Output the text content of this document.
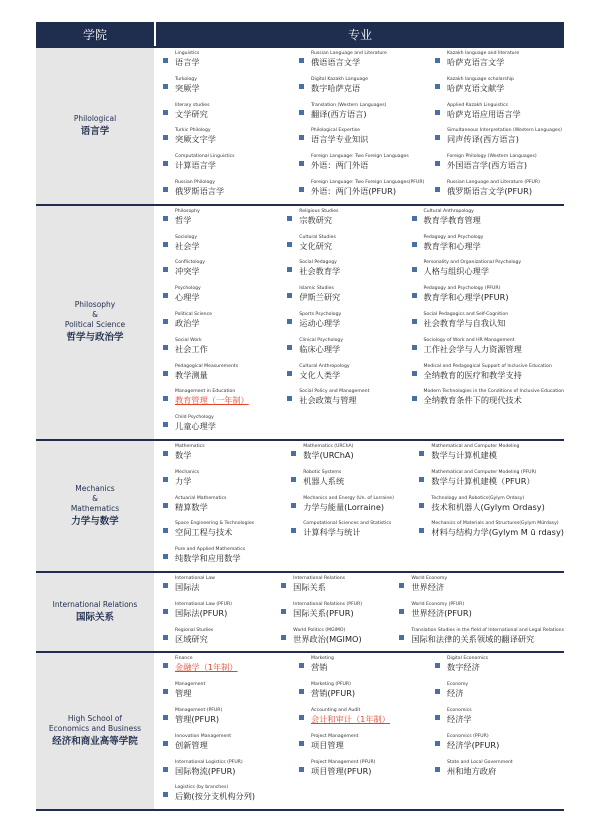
学院	专业
Philological
语言学
Linguistics
语言学
Russian Language and Literature
俄语语言文学
Kazakh language and literature
哈萨克语言文学
Turkology
突厥学
Digital Kazakh Language
数字哈萨克语
Kazakh language scholarship
哈萨克语文献学
literary studies
文学研究
Translation (Western Languages)
翻译(西方语言)
Applied Kazakh Linguistics
哈萨克语应用语言学
Turkic Philology
突厥文字学
Philological Expertise
语言学专业知识
Simultaneous Interpretation (Western Languages)
同声传译(西方语言)
Computational Linguistics
计算语言学
Foreign Language: Two Foreign Languages
外语：两门外语
Foreign Philology (Western Languages)
外国语言学(西方语言)
Russian Philology
俄罗斯语言学
Foreign Language: Two Foreign Languages(PFUR)
外语：两门外语(PFUR)
Russian Language and Literature (PFUR)
俄罗斯语言文学(PFUR)
Philosophy
&
Political Science
哲学与政治学
Philosophy
哲学
Religious Studies
宗教研究
Cultural Anthropology
教育学教育管理
Sociology
社会学
Cultural Studies
文化研究
Pedagogy and Psychology
教育学和心理学
Conflictology
冲突学
Social Pedagogy
社会教育学
Personality and Organizational Psychology
人格与组织心理学
Psychology
心理学
Islamic Studies
伊斯兰研究
Pedagogy and Psychology (PFUR)
教育学和心理学(PFUR)
Political Science
政治学
Sports Psychology
运动心理学
Social Pedagogics and Self-Cognition
社会教育学与自我认知
Social Work
社会工作
Clinical Psychology
临床心理学
Sociology of Work and HR Management
工作社会学与人力资源管理
Pedagogical Measurements
教学测量
Cultural Anthropology
文化人类学
Medical and Pedagogical Support of Inclusive Education
全纳教育的医疗和教学支持
Management in Education
教育管理（一年制）
Social Policy and Management
社会政策与管理
Modern Technologies in the Conditions of Inclusive Education
全纳教育条件下的现代技术
Child Psychology
儿童心理学
Mechanics
&
Mathematics
力学与数学
Mathematics
数学
Mathematics (URChA)
数学(URChA)
Mathematical and Computer Modeling
数学与计算机建模
Mechanics
力学
Robotic Systems
机器人系统
Mathematical and Computer Modeling (PFUR)
数学与计算机建模（PFUR）
Actuarial Mathematics
精算数学
Mechanics and Energy (Un. of Lorraine)
力学与能量(Lorraine)
Technology and Robotics(Gylym Ordasy)
技术和机器人(Gylym Ordasy)
Space Engineering & Technologies
空间工程与技术
Computational Sciences and Statistics
计算科学与统计
Mechanics of Materials and Structures(Gylym Mữrdasy)
材料与结构力学(Gylym M ū rdasy)
Pure and Applied Mathematics
纯数学和应用数学
International Relations
国际关系
International Law
国际法
International Relations
国际关系
World Economy
世界经济
International Law (PFUR)
国际法(PFUR)
International Relations (PFUR)
国际关系(PFUR)
World Economy (PFUR)
世界经济(PFUR)
Regional Studies
区域研究
World Politics (MGIMO)
世界政治(MGIMO)
Translation Studies in the field of International and Legal Relations
国际和法律的关系领域的翻译研究
High School of
Economics and Business
经济和商业高等学院
Finance
金融学（1年制）
Marketing
营销
Digital Economics
数字经济
Management
管理
Marketing (PFUR)
营销(PFUR)
Economy
经济
Management (PFUR)
管理(PFUR)
Accounting and Audit
会计和审计（1年制）
Economics
经济学
Innovation Management
创新管理
Project Management
项目管理
Economics (PFUR)
经济学(PFUR)
International Logistics (PFUR)
国际物流(PFUR)
Project Management (PFUR)
项目管理(PFUR)
State and Local Government
州和地方政府
Logistics (by branches)
后勤(按分支机构分列)
